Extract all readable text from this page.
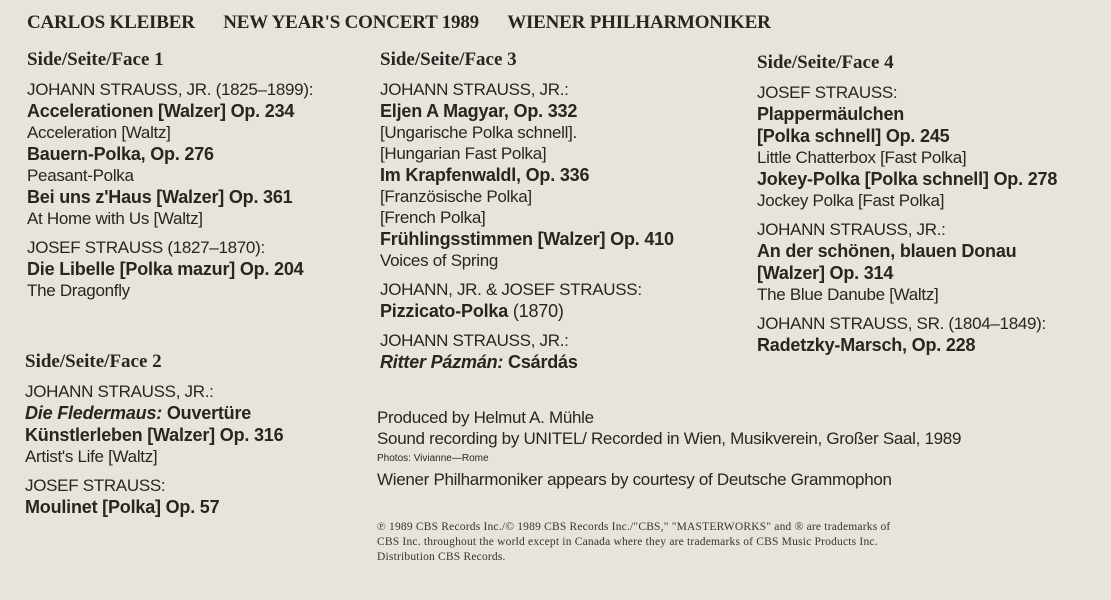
CARLOS KLEIBER NEW YEAR'S CONCERT 1989 WIENER PHILHARMONIKER
Side/Seite/Face 1
JOHANN STRAUSS, JR. (1825–1899):
Accelerationen [Walzer] Op. 234
Acceleration [Waltz]
Bauern-Polka, Op. 276
Peasant-Polka
Bei uns z'Haus [Walzer] Op. 361
At Home with Us [Waltz]
JOSEF STRAUSS (1827–1870):
Die Libelle [Polka mazur] Op. 204
The Dragonfly
Side/Seite/Face 2
JOHANN STRAUSS, JR.:
Die Fledermaus: Ouvertüre
Künstlerleben [Walzer] Op. 316
Artist's Life [Waltz]
JOSEF STRAUSS:
Moulinet [Polka] Op. 57
Side/Seite/Face 3
JOHANN STRAUSS, JR.:
Eljen A Magyar, Op. 332
[Ungarische Polka schnell].
[Hungarian Fast Polka]
Im Krapfenwaldl, Op. 336
[Französische Polka]
[French Polka]
Frühlingsstimmen [Walzer] Op. 410
Voices of Spring
JOHANN, JR. & JOSEF STRAUSS:
Pizzicato-Polka (1870)
JOHANN STRAUSS, JR.:
Ritter Pázmán: Csárdás
Side/Seite/Face 4
JOSEF STRAUSS:
Plappermäulchen
[Polka schnell] Op. 245
Little Chatterbox [Fast Polka]
Jokey-Polka [Polka schnell] Op. 278
Jockey Polka [Fast Polka]
JOHANN STRAUSS, JR.:
An der schönen, blauen Donau
[Walzer] Op. 314
The Blue Danube [Waltz]
JOHANN STRAUSS, SR. (1804–1849):
Radetzky-Marsch, Op. 228
Produced by Helmut A. Mühle
Sound recording by UNITEL/ Recorded in Wien, Musikverein, Großer Saal, 1989
Photos: Vivianne—Rome
Wiener Philharmoniker appears by courtesy of Deutsche Grammophon
℗ 1989 CBS Records Inc./© 1989 CBS Records Inc./"CBS," "MASTERWORKS" and ® are trademarks of
CBS Inc. throughout the world except in Canada where they are trademarks of CBS Music Products Inc.
Distribution CBS Records.
